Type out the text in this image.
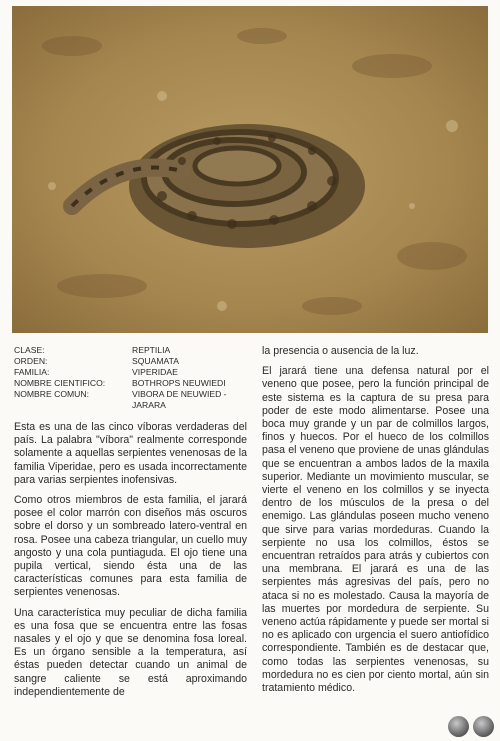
CLASE:	REPTILIA
ORDEN:	SQUAMATA
FAMILIA:	VIPERIDAE
NOMBRE CIENTIFICO:	BOTHROPS NEUWIEDI
NOMBRE COMUN:	VIBORA DE NEUWIED - JARARA

Esta es una de las cinco víboras verdaderas del país. La palabra "víbora" realmente corresponde solamente a aquellas serpientes venenosas de la familia Viperidae, pero es usada incorrectamente para varias serpientes inofensivas.

Como otros miembros de esta familia, el jarará posee el color marrón con diseños más oscuros sobre el dorso y un sombreado latero-ventral en rosa. Posee una cabeza triangular, un cuello muy angosto y una cola puntiaguda. El ojo tiene una pupila vertical, siendo ésta una de las características comunes para esta familia de serpientes venenosas.

Una característica muy peculiar de dicha familia es una fosa que se encuentra entre las fosas nasales y el ojo y que se denomina fosa loreal. Es un órgano sensible a la temperatura, así éstas pueden detectar cuando un animal de sangre caliente se está aproximando independientemente de

la presencia o ausencia de la luz.

El jarará tiene una defensa natural por el veneno que posee, pero la función principal de este sistema es la captura de su presa para poder de este modo alimentarse. Posee una boca muy grande y un par de colmillos largos, finos y huecos. Por el hueco de los colmillos pasa el veneno que proviene de unas glándulas que se encuentran a ambos lados de la maxila superior. Mediante un movimiento muscular, se vierte el veneno en los colmillos y se inyecta dentro de los músculos de la presa o del enemigo. Las glándulas poseen mucho veneno que sirve para varias mordeduras. Cuando la serpiente no usa los colmillos, éstos se encuentran retraídos para atrás y cubiertos con una membrana. El jarará es una de las serpientes más agresivas del país, pero no ataca si no es molestado. Causa la mayoría de las muertes por mordedura de serpiente. Su veneno actúa rápidamente y puede ser mortal si no es aplicado con urgencia el suero antiofídico correspondiente. También es de destacar que, como todas las serpientes venenosas, su mordedura no es cien por ciento mortal, aún sin tratamiento médico.
